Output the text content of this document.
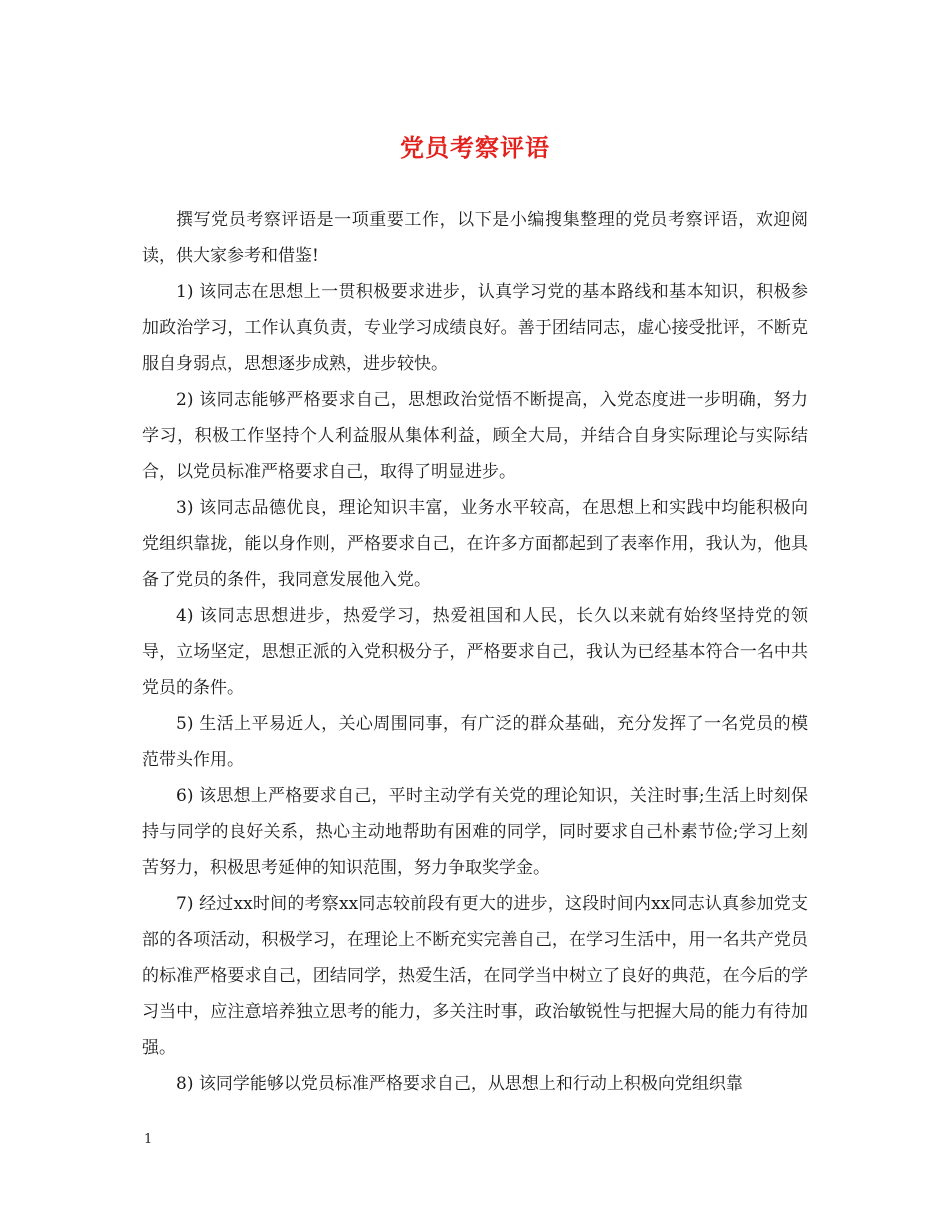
党员考察评语

撰写党员考察评语是一项重要工作，以下是小编搜集整理的党员考察评语，欢迎阅读，供大家参考和借鉴!

1) 该同志在思想上一贯积极要求进步，认真学习党的基本路线和基本知识，积极参加政治学习，工作认真负责，专业学习成绩良好。善于团结同志，虚心接受批评，不断克服自身弱点，思想逐步成熟，进步较快。

2) 该同志能够严格要求自己，思想政治觉悟不断提高，入党态度进一步明确，努力学习，积极工作坚持个人利益服从集体利益，顾全大局，并结合自身实际理论与实际结合，以党员标准严格要求自己，取得了明显进步。

3) 该同志品德优良，理论知识丰富，业务水平较高，在思想上和实践中均能积极向党组织靠拢，能以身作则，严格要求自己，在许多方面都起到了表率作用，我认为，他具备了党员的条件，我同意发展他入党。

4) 该同志思想进步，热爱学习，热爱祖国和人民，长久以来就有始终坚持党的领导，立场坚定，思想正派的入党积极分子，严格要求自己，我认为已经基本符合一名中共党员的条件。

5) 生活上平易近人，关心周围同事，有广泛的群众基础，充分发挥了一名党员的模范带头作用。

6) 该思想上严格要求自己，平时主动学有关党的理论知识，关注时事;生活上时刻保持与同学的良好关系，热心主动地帮助有困难的同学，同时要求自己朴素节俭;学习上刻苦努力，积极思考延伸的知识范围，努力争取奖学金。

7) 经过xx时间的考察xx同志较前段有更大的进步，这段时间内xx同志认真参加党支部的各项活动，积极学习，在理论上不断充实完善自己，在学习生活中，用一名共产党员的标准严格要求自己，团结同学，热爱生活，在同学当中树立了良好的典范，在今后的学习当中，应注意培养独立思考的能力，多关注时事，政治敏锐性与把握大局的能力有待加强。

8) 该同学能够以党员标准严格要求自己，从思想上和行动上积极向党组织靠

1
